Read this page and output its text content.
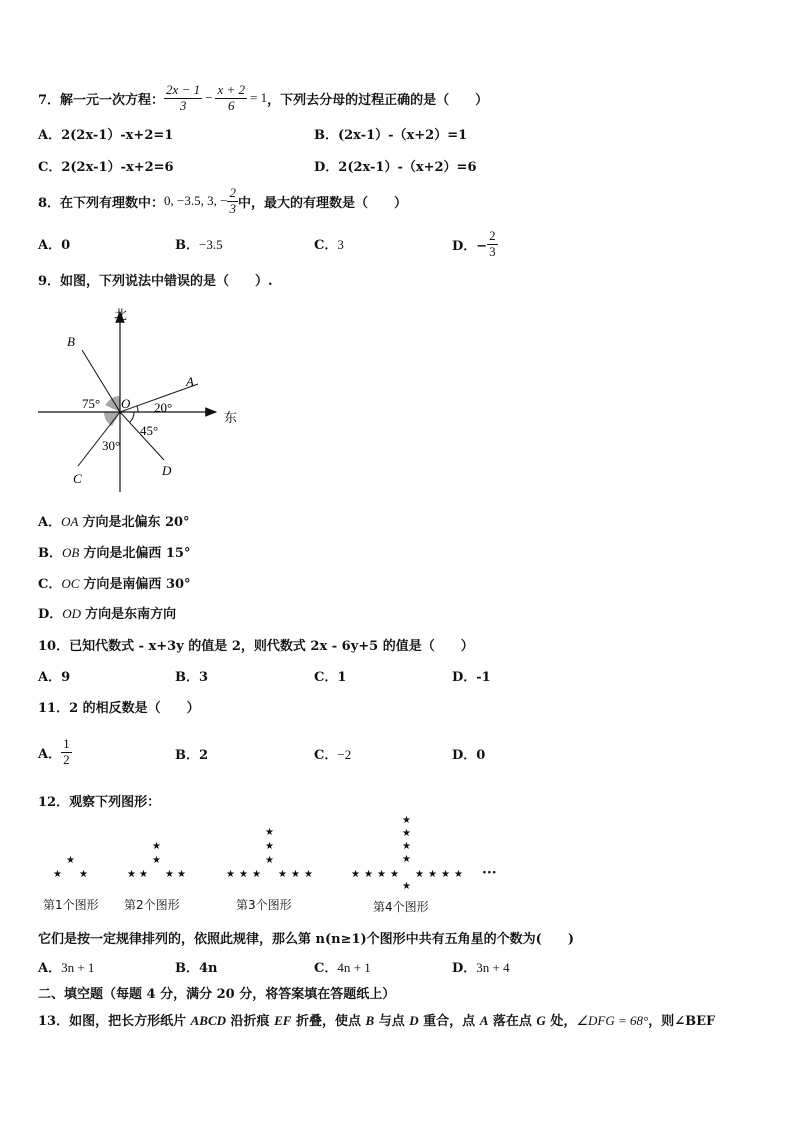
7．解一元一次方程： $\frac{2x - 1}{3} - \frac{x + 2}{6} = 1$ ，下列去分母的过程正确的是（　　）
A．2(2x-1）-x+2=1	B．(2x-1）-（x+2）=1
C．2(2x-1）-x+2=6	D．2(2x-1）-（x+2）=6
8．在下列有理数中： 0, −3.5, 3, − $\frac{2}{3}$ 中，最大的有理数是（　　）
A．0	B．−3.5	C．3	D．− $\frac{2}{3}$
9．如图，下列说法中错误的是（　　）.
北
东
O
A
B
C
D
75°	20°
45°
30°
A．OA 方向是北偏东 20°
B．OB 方向是北偏西 15°
C．OC 方向是南偏西 30°
D．OD 方向是东南方向
10．已知代数式 - x+3y 的值是 2，则代数式 2x - 6y+5 的值是（　　）
A．9	B．3	C．1	D．-1
11．2 的相反数是（　　）
A． $\frac{1}{2}$	B．2	C．−2	D．0
12．观察下列图形：
★
★ ★
★
★
★ ★ ★ ★
★
★
★
★ ★ ★ ★ ★ ★
★
★
★
★
★ ★ ★ ★ ★ ★ ★ ★
★
···
第1个图形 第2个图形	第3个图形	第4个图形
它们是按一定规律排列的，依照此规律，那么第 n(n≥1)个图形中共有五角星的个数为(　　)
A．3n + 1	B．4n	C．4n + 1	D．3n + 4
二、填空题（每题 4 分，满分 20 分，将答案填在答题纸上）
13．如图，把长方形纸片 ABCD 沿折痕 EF 折叠，使点 B 与点 D 重合，点 A 落在点 G 处，∠DFG = 68°，则∠BEF
